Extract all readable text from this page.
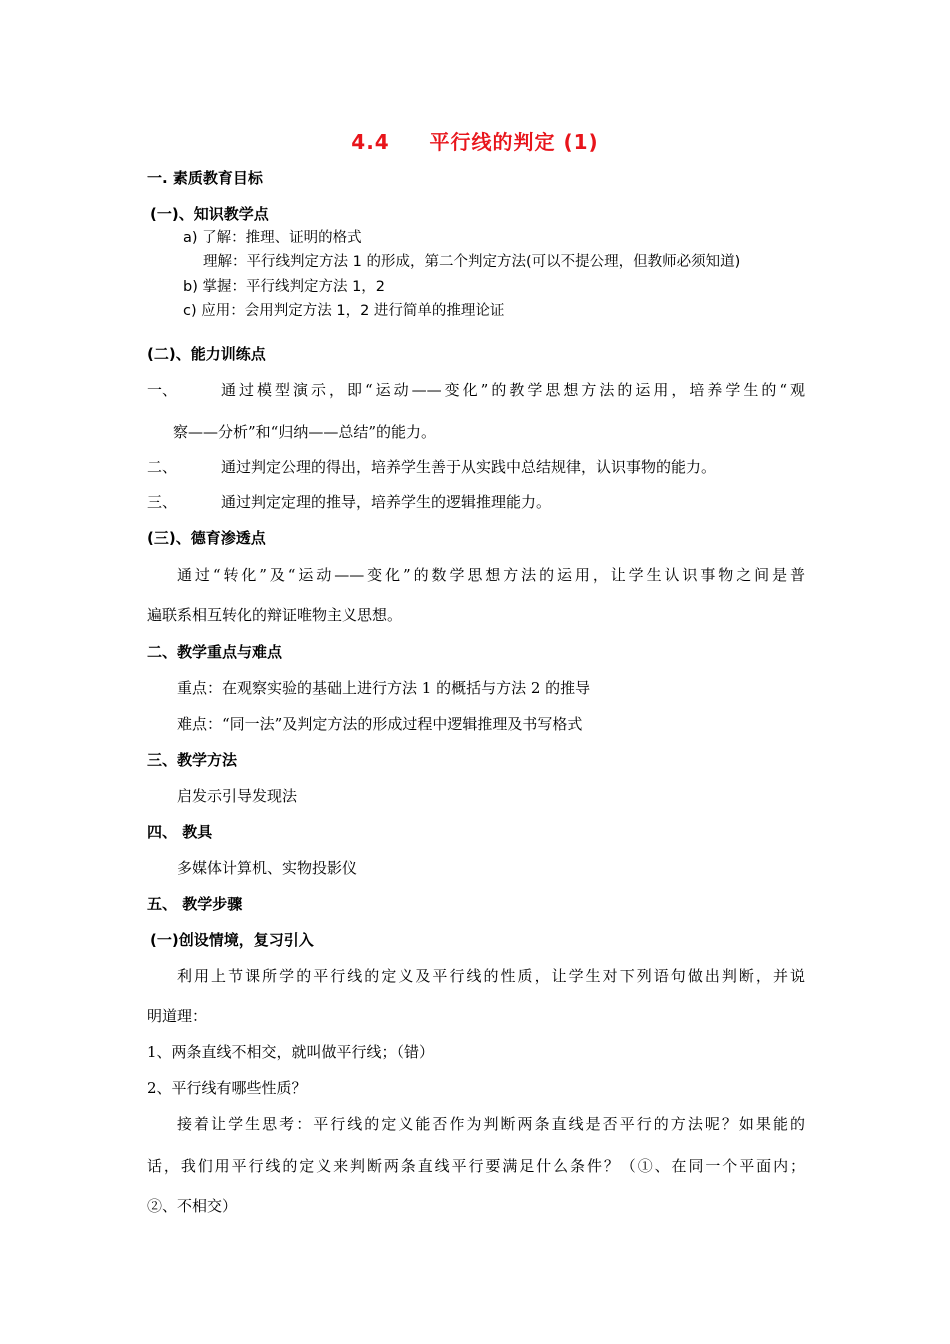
4.4     平行线的判定 (1)
一. 素质教育目标
(一)、知识教学点
a) 了解：推理、证明的格式
理解：平行线判定方法 1 的形成，第二个判定方法(可以不提公理，但教师必须知道)
b) 掌握：平行线判定方法 1，2
c) 应用：会用判定方法 1，2 进行简单的推理论证
(二)、能力训练点
一、	通过模型演示，即“运动——变化”的教学思想方法的运用，培养学生的“观
察——分析”和“归纳——总结”的能力。
二、	通过判定公理的得出，培养学生善于从实践中总结规律，认识事物的能力。
三、	通过判定定理的推导，培养学生的逻辑推理能力。
(三)、德育渗透点
通过“转化”及“运动——变化”的数学思想方法的运用，让学生认识事物之间是普
遍联系相互转化的辩证唯物主义思想。
二、教学重点与难点
重点：在观察实验的基础上进行方法 1 的概括与方法 2 的推导
难点：“同一法”及判定方法的形成过程中逻辑推理及书写格式
三、教学方法
启发示引导发现法
四、 教具
多媒体计算机、实物投影仪
五、 教学步骤
(一)创设情境，复习引入
利用上节课所学的平行线的定义及平行线的性质，让学生对下列语句做出判断，并说
明道理：
1、两条直线不相交，就叫做平行线；（错）
2、平行线有哪些性质？
接着让学生思考：平行线的定义能否作为判断两条直线是否平行的方法呢？如果能的
话，我们用平行线的定义来判断两条直线平行要满足什么条件？（①、在同一个平面内；
②、不相交）
